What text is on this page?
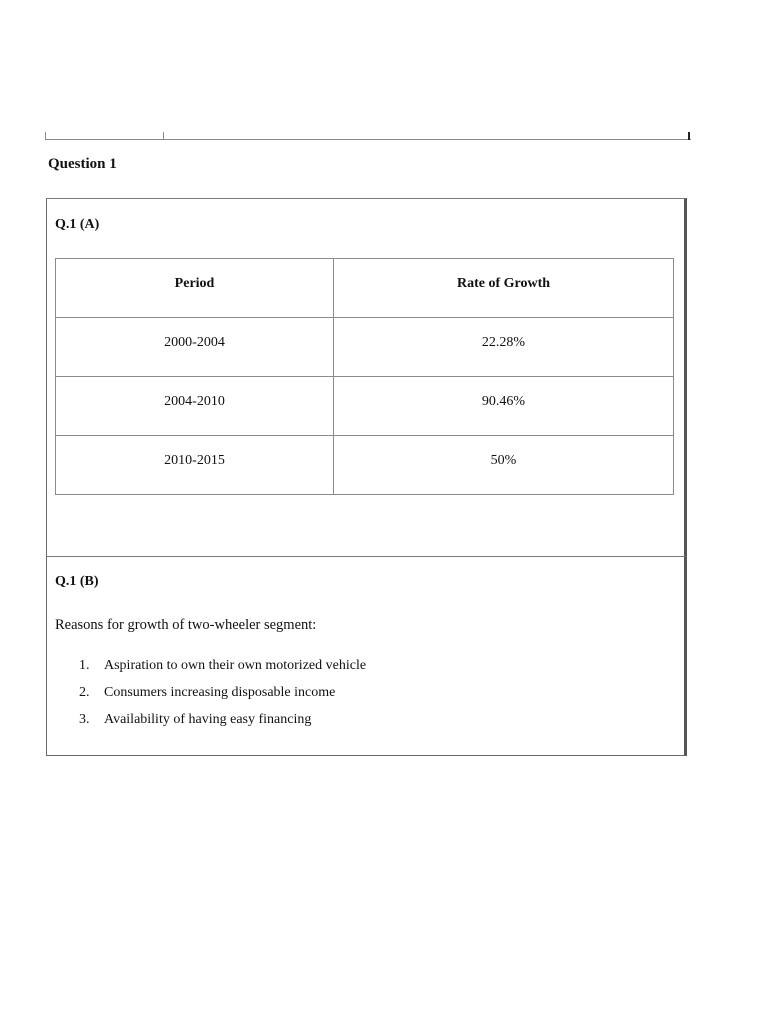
Question 1
Q.1 (A)
Period	Rate of Growth
2000-2004	22.28%
2004-2010	90.46%
2010-2015	50%
Q.1 (B)
Reasons for growth of two-wheeler segment:
1.	Aspiration to own their own motorized vehicle
2.	Consumers increasing disposable income
3.	Availability of having easy financing
